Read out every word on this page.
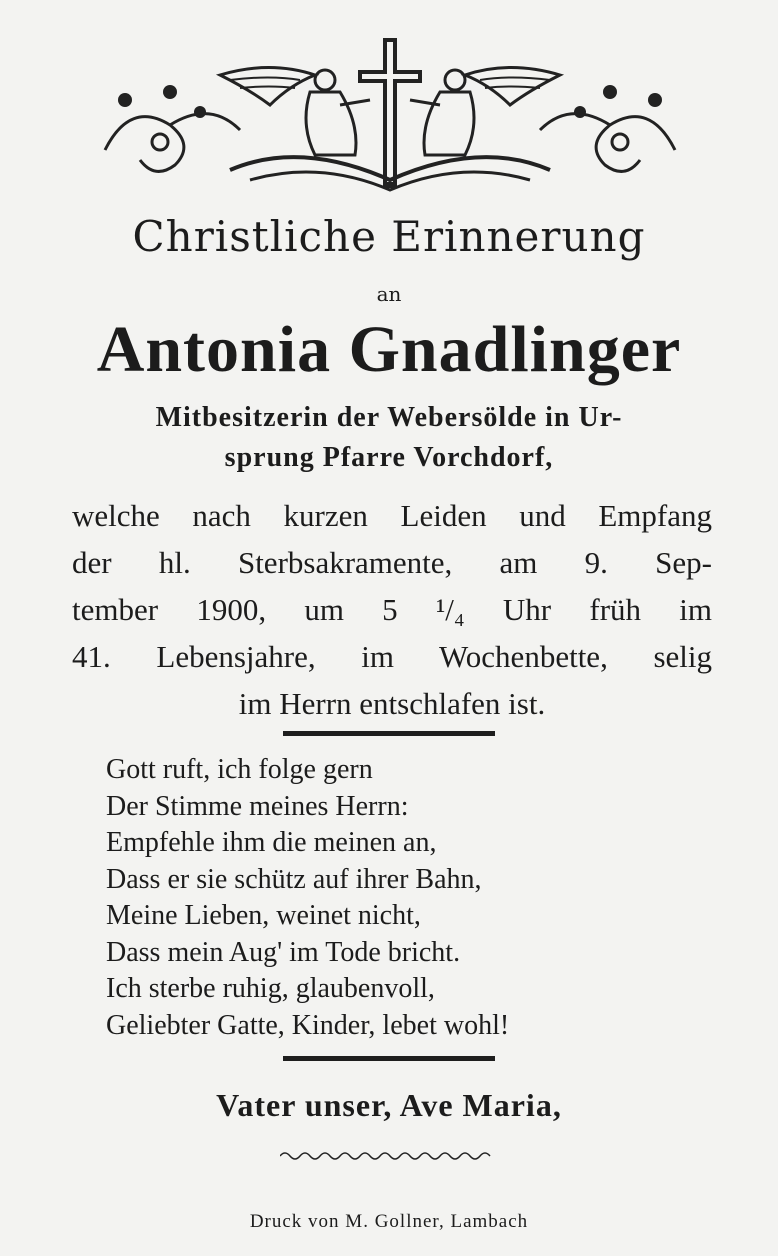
Christliche Erinnerung
an
Antonia Gnadlinger
Mitbesitzerin der Webersölde in Ur-
sprung Pfarre Vorchdorf,
welche nach kurzen Leiden und Empfang
der hl. Sterbsakramente, am 9. Sep-
tember 1900, um 5 ¹/₄ Uhr früh im
41. Lebensjahre, im Wochenbette, selig
im Herrn entschlafen ist.
Gott ruft, ich folge gern
Der Stimme meines Herrn:
Empfehle ihm die meinen an,
Dass er sie schütz auf ihrer Bahn,
Meine Lieben, weinet nicht,
Dass mein Aug' im Tode bricht.
Ich sterbe ruhig, glaubenvoll,
Geliebter Gatte, Kinder, lebet wohl!
Vater unser, Ave Maria,
Druck von M. Gollner, Lambach
